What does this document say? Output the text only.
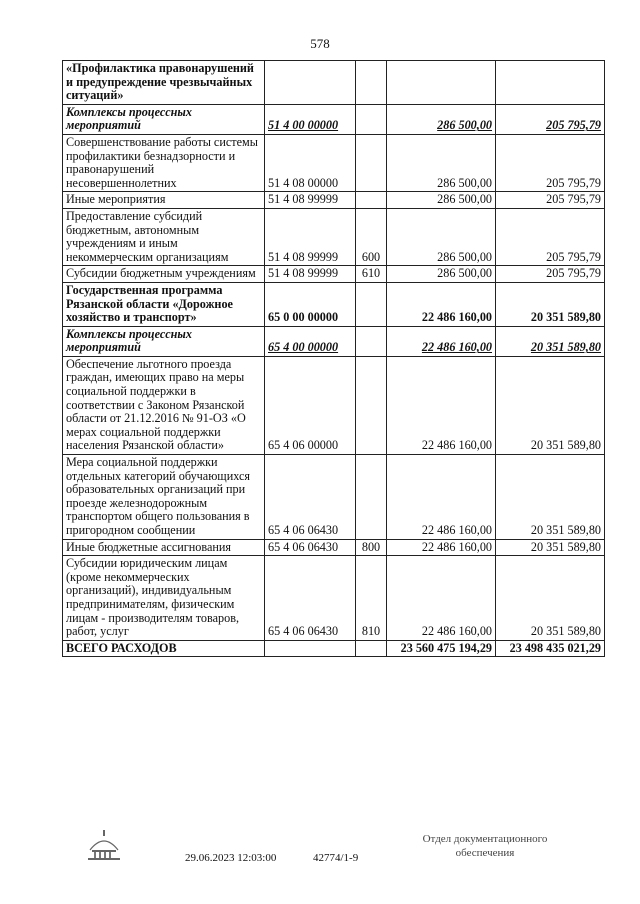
578
«Профилактика правонарушений и предупреждение чрезвычайных ситуаций»				
Комплексы процессных мероприятий	51 4 00 00000		286 500,00	205 795,79
Совершенствование работы системы профилактики безнадзорности и правонарушений несовершеннолетних	51 4 08 00000		286 500,00	205 795,79
Иные мероприятия	51 4 08 99999		286 500,00	205 795,79
Предоставление субсидий бюджетным, автономным учреждениям и иным некоммерческим организациям	51 4 08 99999	600	286 500,00	205 795,79
Субсидии бюджетным учреждениям	51 4 08 99999	610	286 500,00	205 795,79
Государственная программа Рязанской области «Дорожное хозяйство и транспорт»	65 0 00 00000		22 486 160,00	20 351 589,80
Комплексы процессных мероприятий	65 4 00 00000		22 486 160,00	20 351 589,80
Обеспечение льготного проезда граждан, имеющих право на меры социальной поддержки в соответствии с Законом Рязанской области от 21.12.2016 № 91-ОЗ «О мерах социальной поддержки населения Рязанской области»	65 4 06 00000		22 486 160,00	20 351 589,80
Мера социальной поддержки отдельных категорий обучающихся образовательных организаций при проезде железнодорожным транспортом общего пользования в пригородном сообщении	65 4 06 06430		22 486 160,00	20 351 589,80
Иные бюджетные ассигнования	65 4 06 06430	800	22 486 160,00	20 351 589,80
Субсидии юридическим лицам (кроме некоммерческих организаций), индивидуальным предпринимателям, физическим лицам - производителям товаров, работ, услуг	65 4 06 06430	810	22 486 160,00	20 351 589,80
ВСЕГО РАСХОДОВ			23 560 475 194,29	23 498 435 021,29
29.06.2023 12:03:00	42774/1-9
Отдел документационного
обеспечения
